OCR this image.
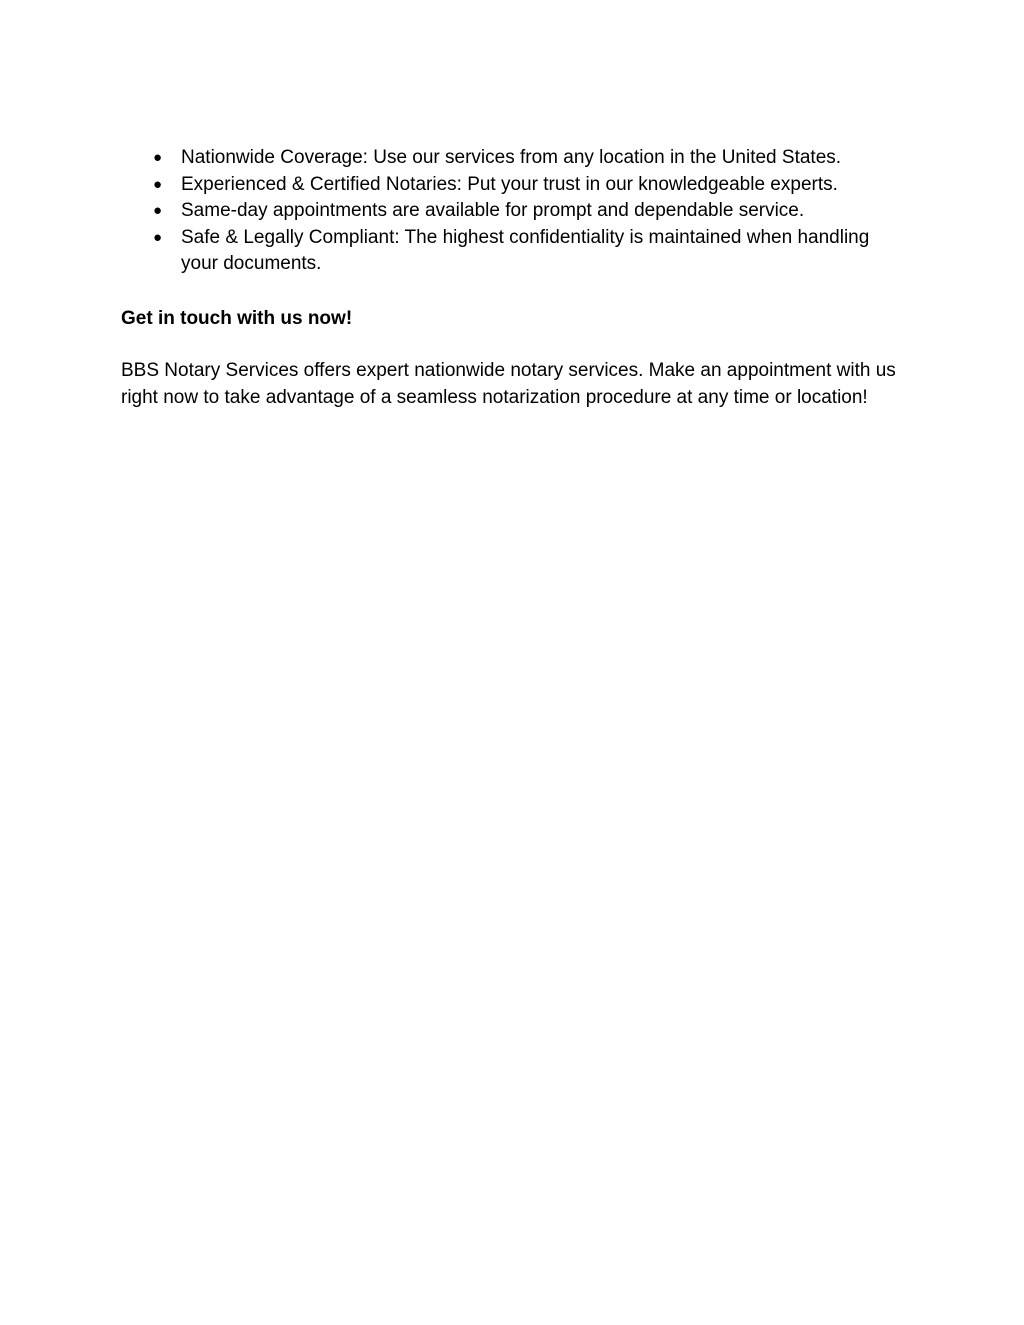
● Nationwide Coverage: Use our services from any location in the United States.
● Experienced & Certified Notaries: Put your trust in our knowledgeable experts.
● Same-day appointments are available for prompt and dependable service.
● Safe & Legally Compliant: The highest confidentiality is maintained when handling your documents.
Get in touch with us now!

BBS Notary Services offers expert nationwide notary services. Make an appointment with us right now to take advantage of a seamless notarization procedure at any time or location!
